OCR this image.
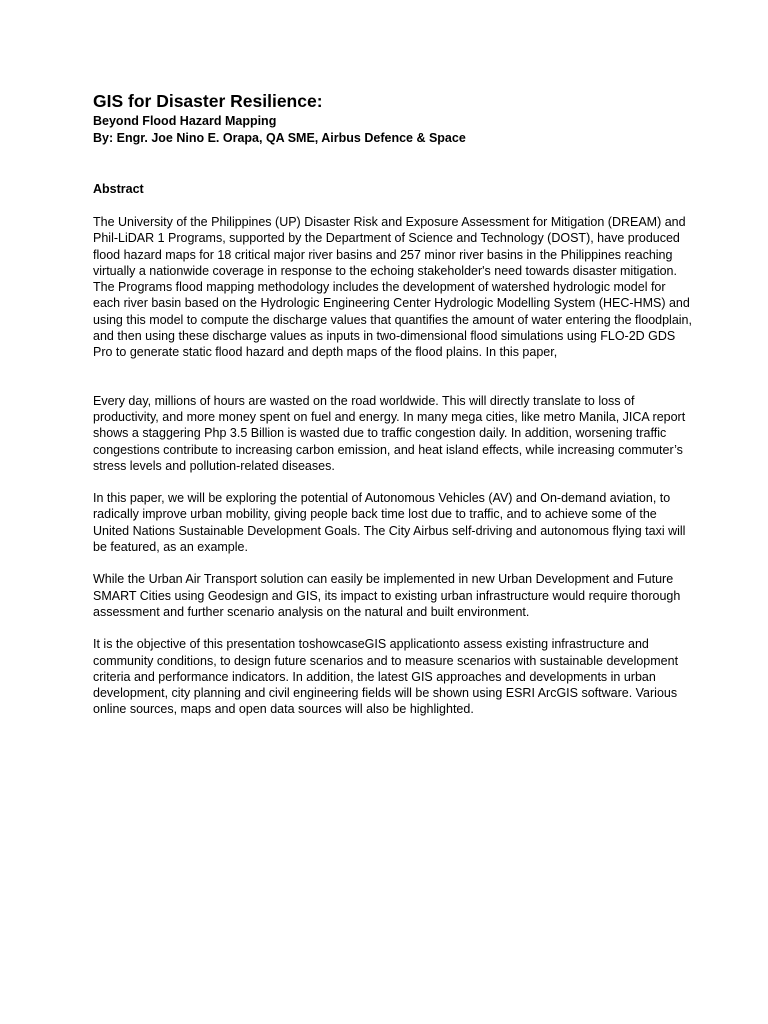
GIS for Disaster Resilience:

Beyond Flood Hazard Mapping

By: Engr. Joe Nino E. Orapa, QA SME, Airbus Defence & Space

Abstract

The University of the Philippines (UP) Disaster Risk and Exposure Assessment for Mitigation (DREAM) and Phil-LiDAR 1 Programs, supported by the Department of Science and Technology (DOST), have produced flood hazard maps for 18 critical major river basins and 257 minor river basins in the Philippines reaching virtually a nationwide coverage in response to the echoing stakeholder's need towards disaster mitigation. The Programs flood mapping methodology includes the development of watershed hydrologic model for each river basin based on the Hydrologic Engineering Center Hydrologic Modelling System (HEC-HMS) and using this model to compute the discharge values that quantifies the amount of water entering the floodplain, and then using these discharge values as inputs in two-dimensional flood simulations using FLO-2D GDS Pro to generate static flood hazard and depth maps of the flood plains. In this paper,

Every day, millions of hours are wasted on the road worldwide. This will directly translate to loss of productivity, and more money spent on fuel and energy. In many mega cities, like metro Manila, JICA report shows a staggering Php 3.5 Billion is wasted due to traffic congestion daily. In addition, worsening traffic congestions contribute to increasing carbon emission, and heat island effects, while increasing commuter’s stress levels and pollution-related diseases.

In this paper, we will be exploring the potential of Autonomous Vehicles (AV) and On-demand aviation, to radically improve urban mobility, giving people back time lost due to traffic, and to achieve some of the United Nations Sustainable Development Goals. The City Airbus self-driving and autonomous flying taxi will be featured, as an example.

While the Urban Air Transport solution can easily be implemented in new Urban Development and Future SMART Cities using Geodesign and GIS, its impact to existing urban infrastructure would require thorough assessment and further scenario analysis on the natural and built environment.

It is the objective of this presentation toshowcaseGIS applicationto assess existing infrastructure and community conditions, to design future scenarios and to measure scenarios with sustainable development criteria and performance indicators. In addition, the latest GIS approaches and developments in urban development, city planning and civil engineering fields will be shown using ESRI ArcGIS software. Various online sources, maps and open data sources will also be highlighted.
